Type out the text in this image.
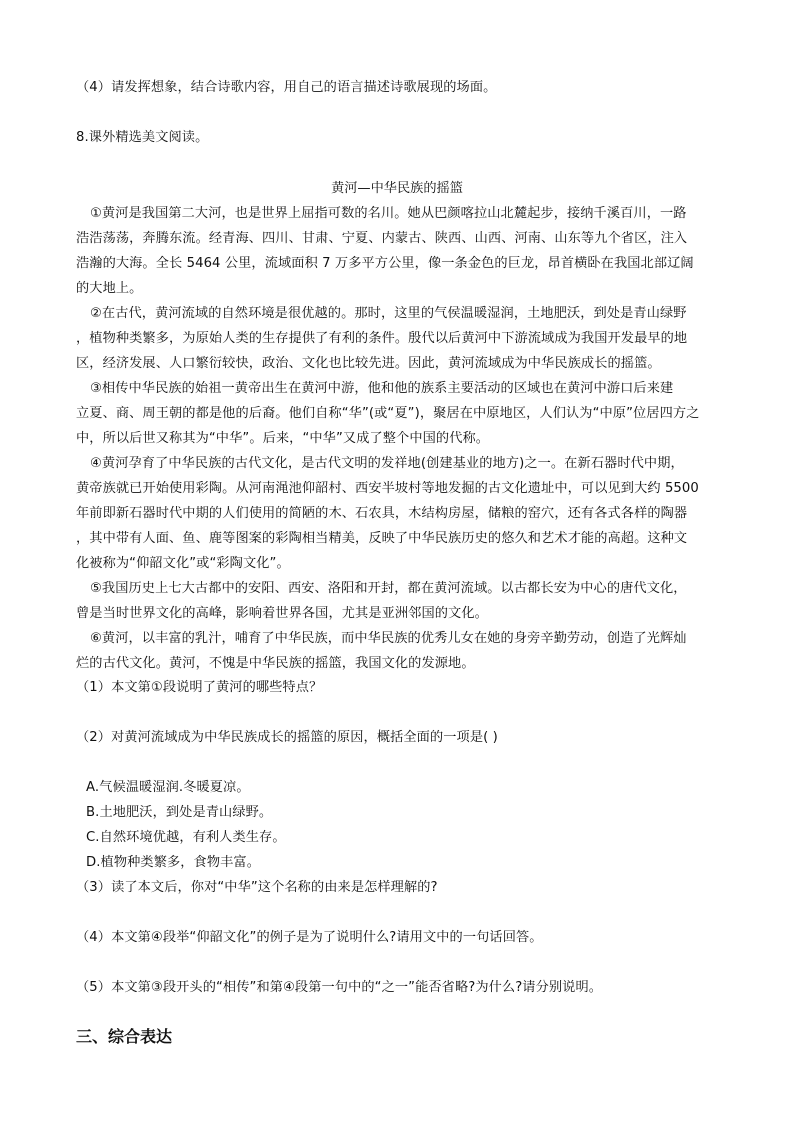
（4）请发挥想象，结合诗歌内容，用自己的语言描述诗歌展现的场面。
8.课外精选美文阅读。
黄河—中华民族的摇篮
①黄河是我国第二大河，也是世界上屈指可数的名川。她从巴颜喀拉山北麓起步，接纳千溪百川，一路
浩浩荡荡，奔腾东流。经青海、四川、甘肃、宁夏、内蒙古、陕西、山西、河南、山东等九个省区，注入
浩瀚的大海。全长 5464 公里，流域面积 7 万多平方公里，像一条金色的巨龙，昂首横卧在我国北部辽阔
的大地上。
②在古代，黄河流域的自然环境是很优越的。那时，这里的气侯温暖湿润，土地肥沃，到处是青山绿野
，植物种类繁多，为原始人类的生存提供了有利的条件。殷代以后黄河中下游流域成为我国开发最早的地
区，经济发展、人口繁衍较快，政治、文化也比较先进。因此，黄河流域成为中华民族成长的摇篮。
③相传中华民族的始祖一黄帝出生在黄河中游，他和他的族系主要活动的区域也在黄河中游口后来建
立夏、商、周王朝的都是他的后裔。他们自称“华”(或“夏”)，聚居在中原地区，人们认为“中原”位居四方之
中，所以后世又称其为“中华”。后来，“中华”又成了整个中国的代称。
④黄河孕育了中华民族的古代文化，是古代文明的发祥地(创建基业的地方)之一。在新石器时代中期，
黄帝族就已开始使用彩陶。从河南渑池仰韶村、西安半坡村等地发掘的古文化遗址中，可以见到大约 5500
年前即新石器时代中期的人们使用的简陋的木、石农具，木结构房屋，储粮的窑穴，还有各式各样的陶器
，其中带有人面、鱼、鹿等图案的彩陶相当精美，反映了中华民族历史的悠久和艺术才能的高超。这种文
化被称为“仰韶文化”或“彩陶文化”。
⑤我国历史上七大古都中的安阳、西安、洛阳和开封，都在黄河流域。以古都长安为中心的唐代文化，
曾是当时世界文化的高峰，影响着世界各国，尤其是亚洲邻国的文化。
⑥黄河，以丰富的乳汁，哺育了中华民族，而中华民族的优秀儿女在她的身旁辛勤劳动，创造了光辉灿
烂的古代文化。黄河，不愧是中华民族的摇篮，我国文化的发源地。
（1）本文第①段说明了黄河的哪些特点？
（2）对黄河流域成为中华民族成长的摇篮的原因，概括全面的一项是( )
A.气候温暖湿润.冬暖夏凉。
B.土地肥沃，到处是青山绿野。
C.自然环境优越，有利人类生存。
D.植物种类繁多，食物丰富。
（3）读了本文后，你对“中华”这个名称的由来是怎样理解的?
（4）本文第④段举“仰韶文化”的例子是为了说明什么?请用文中的一句话回答。
（5）本文第③段开头的“相传”和第④段第一句中的“之一”能否省略?为什么?请分别说明。
三、综合表达
